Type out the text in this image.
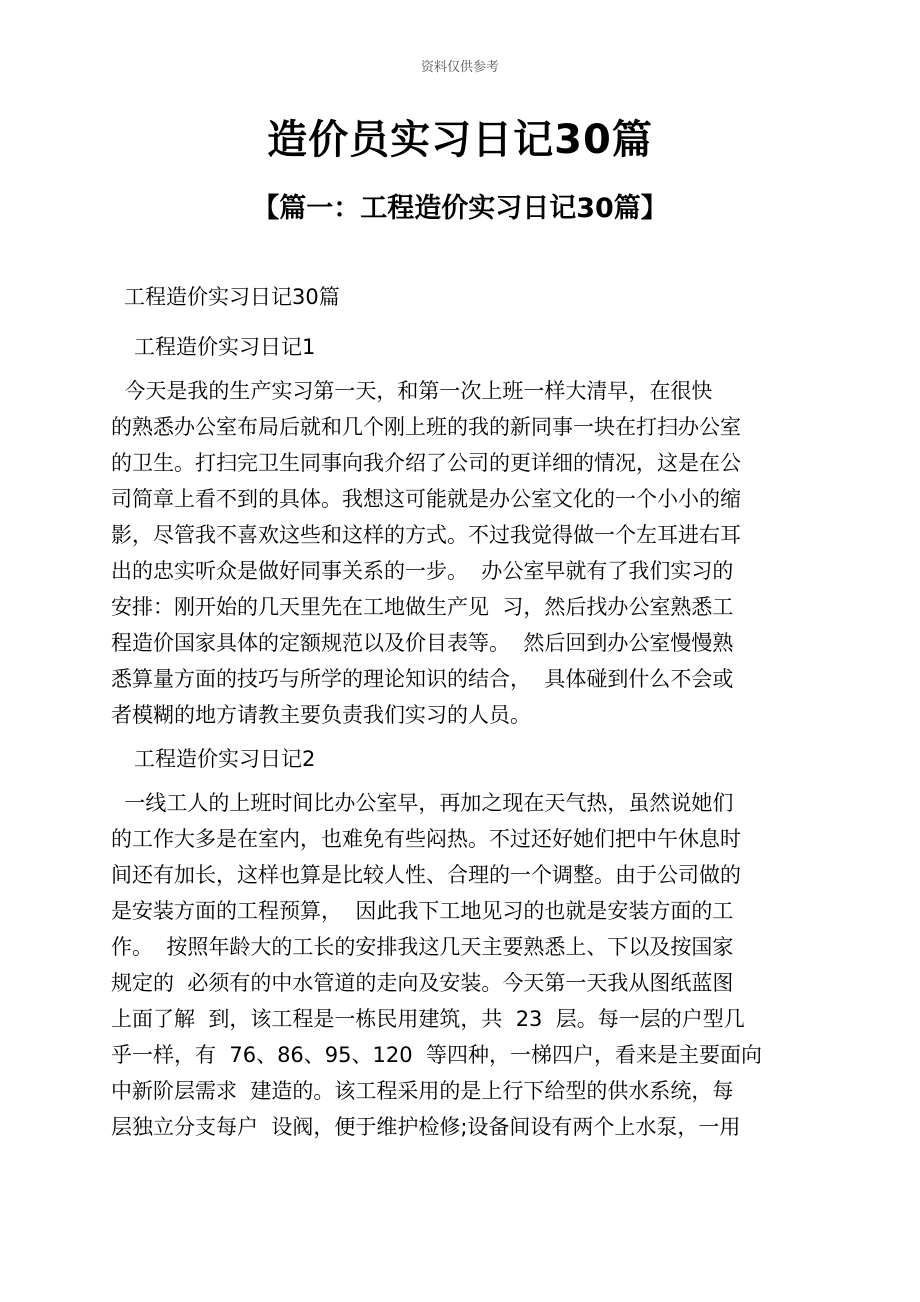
资料仅供参考
造价员实习日记30篇
【篇一：工程造价实习日记30篇】
工程造价实习日记30篇
工程造价实习日记1
今天是我的生产实习第一天，和第一次上班一样大清早，在很快
的熟悉办公室布局后就和几个刚上班的我的新同事一块在打扫办公室
的卫生。打扫完卫生同事向我介绍了公司的更详细的情况，这是在公
司简章上看不到的具体。我想这可能就是办公室文化的一个小小的缩
影，尽管我不喜欢这些和这样的方式。不过我觉得做一个左耳进右耳
出的忠实听众是做好同事关系的一步。  办公室早就有了我们实习的
安排：刚开始的几天里先在工地做生产见  习，然后找办公室熟悉工
程造价国家具体的定额规范以及价目表等。  然后回到办公室慢慢熟
悉算量方面的技巧与所学的理论知识的结合，  具体碰到什么不会或
者模糊的地方请教主要负责我们实习的人员。
工程造价实习日记2
一线工人的上班时间比办公室早，再加之现在天气热，虽然说她们
的工作大多是在室内，也难免有些闷热。不过还好她们把中午休息时
间还有加长，这样也算是比较人性、合理的一个调整。由于公司做的
是安装方面的工程预算，  因此我下工地见习的也就是安装方面的工
作。  按照年龄大的工长的安排我这几天主要熟悉上、下以及按国家
规定的  必须有的中水管道的走向及安装。今天第一天我从图纸蓝图
上面了解  到，该工程是一栋民用建筑，共  23  层。每一层的户型几
乎一样，有  76、86、95、120  等四种，一梯四户，看来是主要面向
中新阶层需求  建造的。该工程采用的是上行下给型的供水系统，每
层独立分支每户  设阀，便于维护检修;设备间设有两个上水泵，一用
